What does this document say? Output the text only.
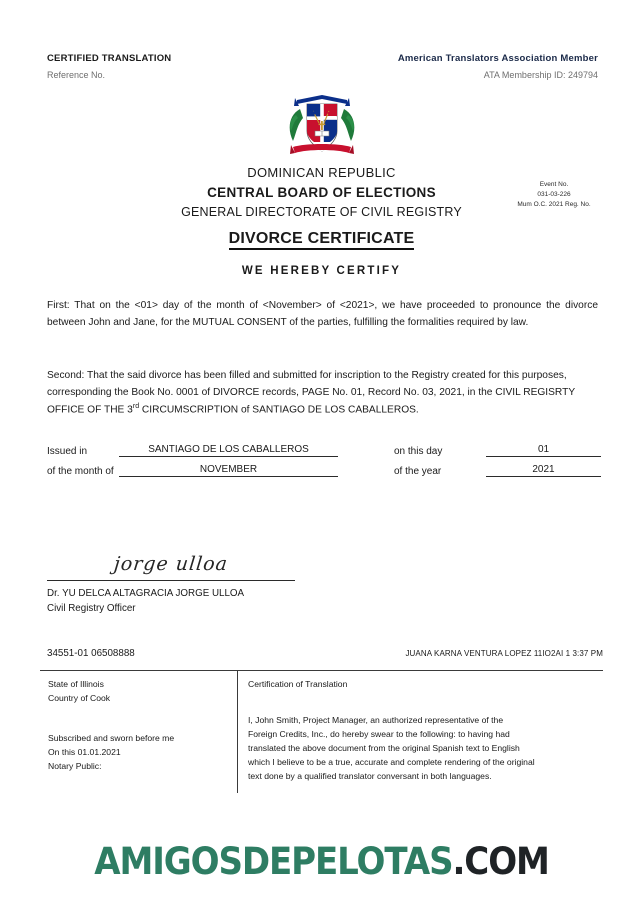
CERTIFIED TRANSLATION
Reference No.
American Translators Association Member
ATA Membership ID: 249794
DOMINICAN REPUBLIC
CENTRAL BOARD OF ELECTIONS
GENERAL DIRECTORATE OF CIVIL REGISTRY
Event No.
031-03-226
Mum O.C. 2021 Reg. No.
DIVORCE CERTIFICATE
WE HEREBY CERTIFY
First: That on the <01> day of the month of <November> of <2021>, we have proceeded to pronounce the divorce between John and Jane, for the MUTUAL CONSENT of the parties, fulfilling the formalities required by law.
Second: That the said divorce has been filled and submitted for inscription to the Registry created for this purposes, corresponding the Book No. 0001 of DIVORCE records, PAGE No. 01, Record No. 03, 2021, in the CIVIL REGISRTY OFFICE OF THE 3rd CIRCUMSCRIPTION of SANTIAGO DE LOS CABALLEROS.
Issued in	SANTIAGO DE LOS CABALLEROS	on this day	01
of the month of	NOVEMBER	of the year	2021
jorge ulloa
Dr. YU DELCA ALTAGRACIA JORGE ULLOA
Civil Registry Officer
34551-01 06508888	JUANA KARNA VENTURA LOPEZ 11IO2AI 1 3:37 PM
State of Illinois
Country of Cook
Subscribed and sworn before me
On this 01.01.2021
Notary Public:
Certification of Translation
I, John Smith, Project Manager, an authorized representative of the
Foreign Credits, Inc., do hereby swear to the following: to having had
translated the above document from the original Spanish text to English
which I believe to be a true, accurate and complete rendering of the original
text done by a qualified translator conversant in both languages.
AMIGOSDEPELOTAS.COM
